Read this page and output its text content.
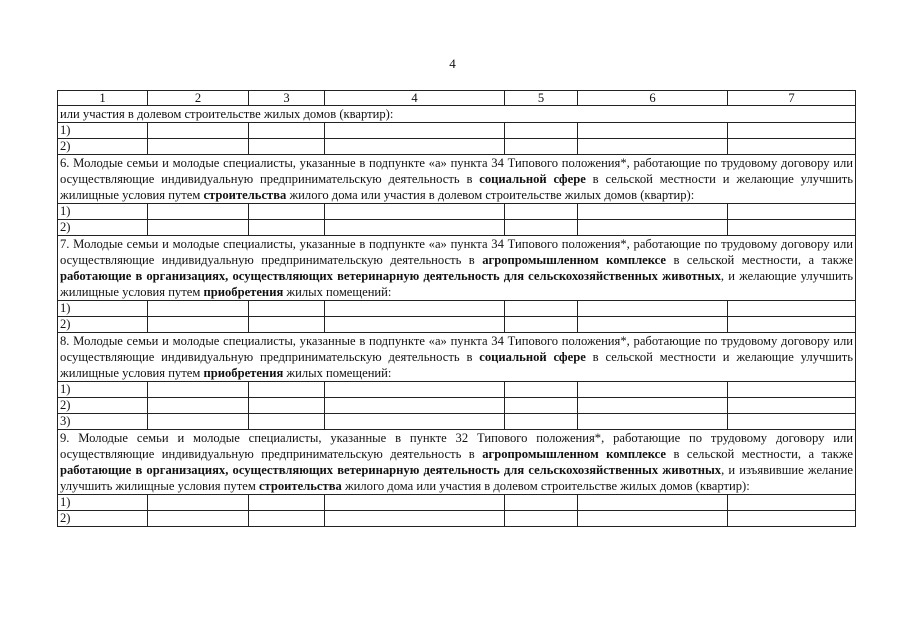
4
1	2	3	4	5	6	7
или участия в долевом строительстве жилых домов (квартир):						
1)						
2)						
6. Молодые семьи и молодые специалисты, указанные в подпункте «а» пункта 34 Типового положения*, работающие по трудовому договору или осуществляющие индивидуальную предпринимательскую деятельность в социальной сфере в сельской местности и желающие улучшить жилищные условия путем строительства жилого дома или участия в долевом строительстве жилых домов (квартир):						
1)						
2)						
7. Молодые семьи и молодые специалисты, указанные в подпункте «а» пункта 34 Типового положения*, работающие по трудовому договору или осуществляющие индивидуальную предпринимательскую деятельность в агропромышленном комплексе в сельской местности, а также работающие в организациях, осуществляющих ветеринарную деятельность для сельскохозяйственных животных, и желающие улучшить жилищные условия путем приобретения жилых помещений:						
1)						
2)						
8. Молодые семьи и молодые специалисты, указанные в подпункте «а» пункта 34 Типового положения*, работающие по трудовому договору или осуществляющие индивидуальную предпринимательскую деятельность в социальной сфере в сельской местности и желающие улучшить жилищные условия путем приобретения жилых помещений:						
1)						
2)						
3)						
9. Молодые семьи и молодые специалисты, указанные в пункте 32 Типового положения*, работающие по трудовому договору или осуществляющие индивидуальную предпринимательскую деятельность в агропромышленном комплексе в сельской местности, а также работающие в организациях, осуществляющих ветеринарную деятельность для сельскохозяйственных животных, и изъявившие желание улучшить жилищные условия путем строительства жилого дома или участия в долевом строительстве жилых домов (квартир):						
1)						
2)						
